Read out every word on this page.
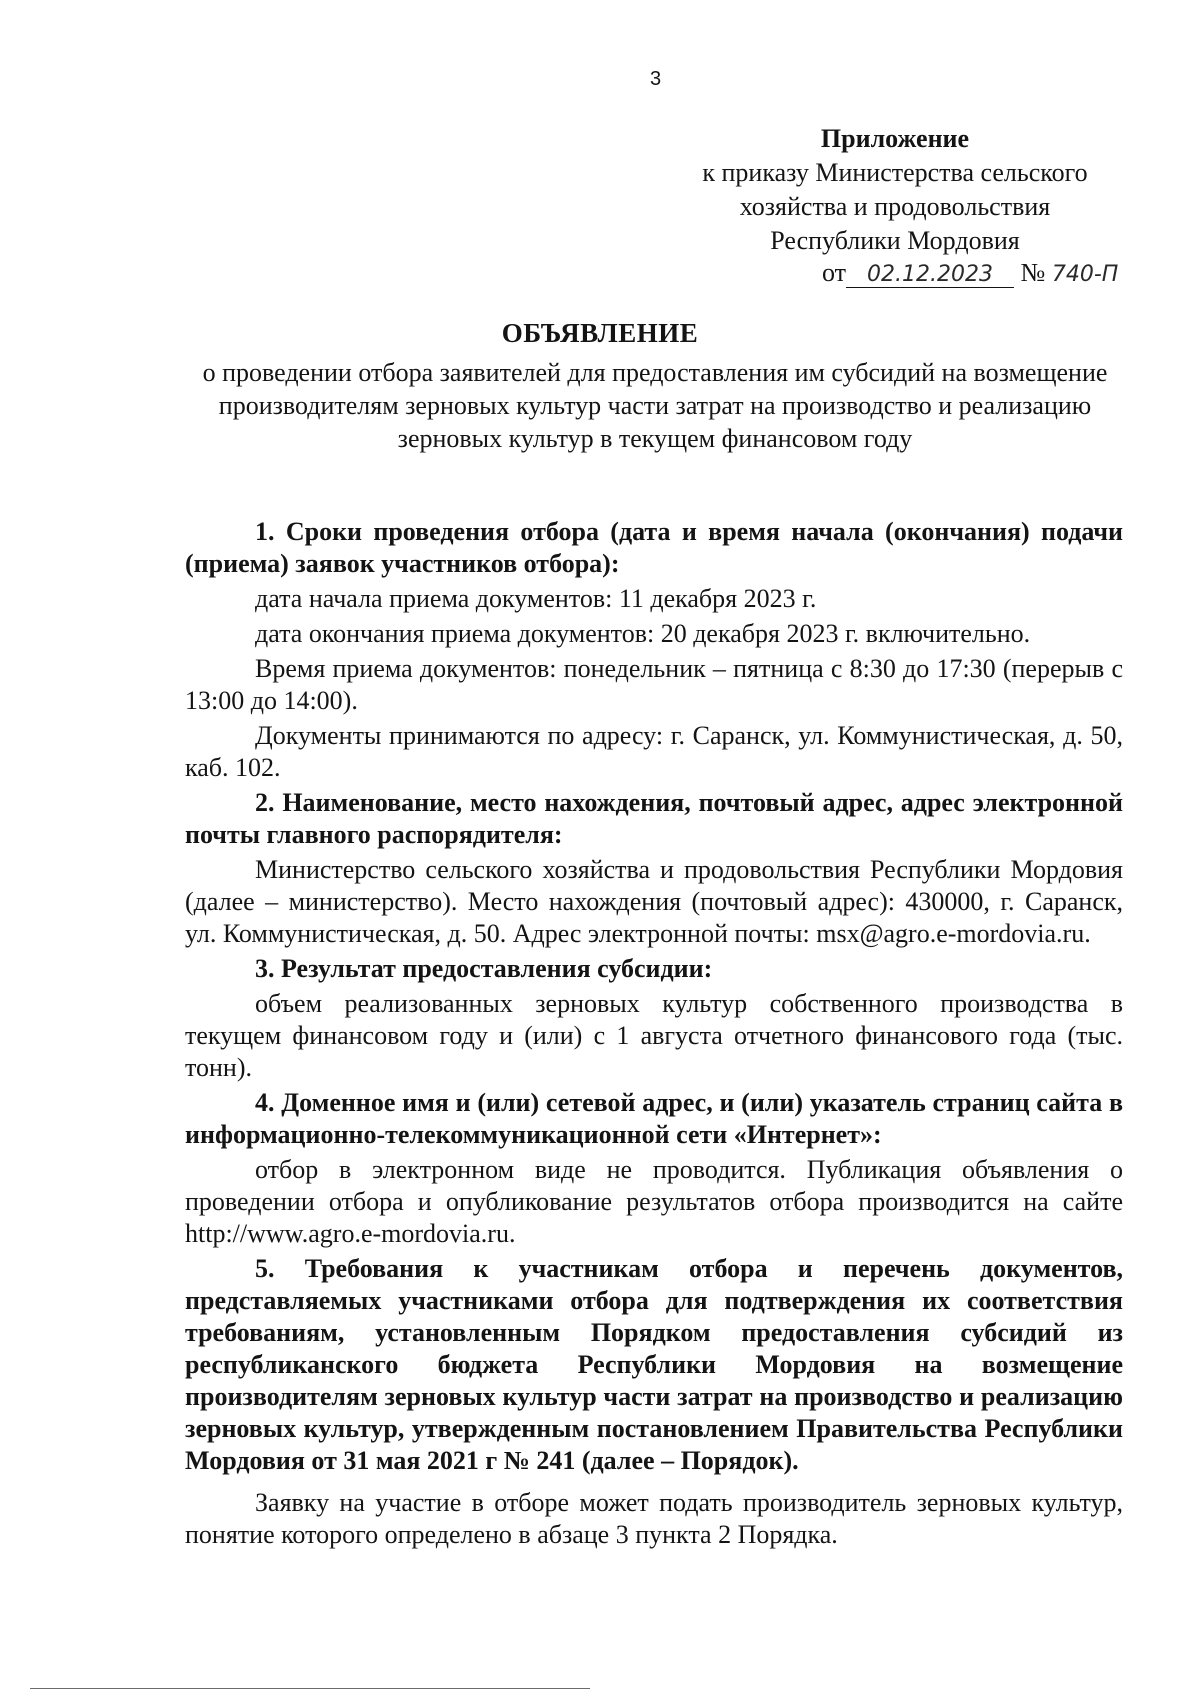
3
Приложение
к приказу Министерства сельского
хозяйства и продовольствия
Республики Мордовия
от 02.12.2023 № 740-П
ОБЪЯВЛЕНИЕ
о проведении отбора заявителей для предоставления им субсидий на возмещение производителям зерновых культур части затрат на производство и реализацию зерновых культур в текущем финансовом году

1. Сроки проведения отбора (дата и время начала (окончания) подачи (приема) заявок участников отбора):

дата начала приема документов: 11 декабря 2023 г.

дата окончания приема документов: 20 декабря 2023 г. включительно.

Время приема документов: понедельник – пятница с 8:30 до 17:30 (перерыв с 13:00 до 14:00).

Документы принимаются по адресу: г. Саранск, ул. Коммунистическая, д. 50, каб. 102.

2. Наименование, место нахождения, почтовый адрес, адрес электронной почты главного распорядителя:

Министерство сельского хозяйства и продовольствия Республики Мордовия (далее – министерство). Место нахождения (почтовый адрес): 430000, г. Саранск, ул. Коммунистическая, д. 50. Адрес электронной почты: msx@agro.e-mordovia.ru.

3. Результат предоставления субсидии:

объем реализованных зерновых культур собственного производства в текущем финансовом году и (или) с 1 августа отчетного финансового года (тыс. тонн).

4. Доменное имя и (или) сетевой адрес, и (или) указатель страниц сайта в информационно-телекоммуникационной сети «Интернет»:

отбор в электронном виде не проводится. Публикация объявления о проведении отбора и опубликование результатов отбора производится на сайте http://www.agro.e-mordovia.ru.

5. Требования к участникам отбора и перечень документов, представляемых участниками отбора для подтверждения их соответствия требованиям, установленным Порядком предоставления субсидий из республиканского бюджета Республики Мордовия на возмещение производителям зерновых культур части затрат на производство и реализацию зерновых культур, утвержденным постановлением Правительства Республики Мордовия от 31 мая 2021 г № 241 (далее – Порядок).

Заявку на участие в отборе может подать производитель зерновых культур, понятие которого определено в абзаце 3 пункта 2 Порядка.
